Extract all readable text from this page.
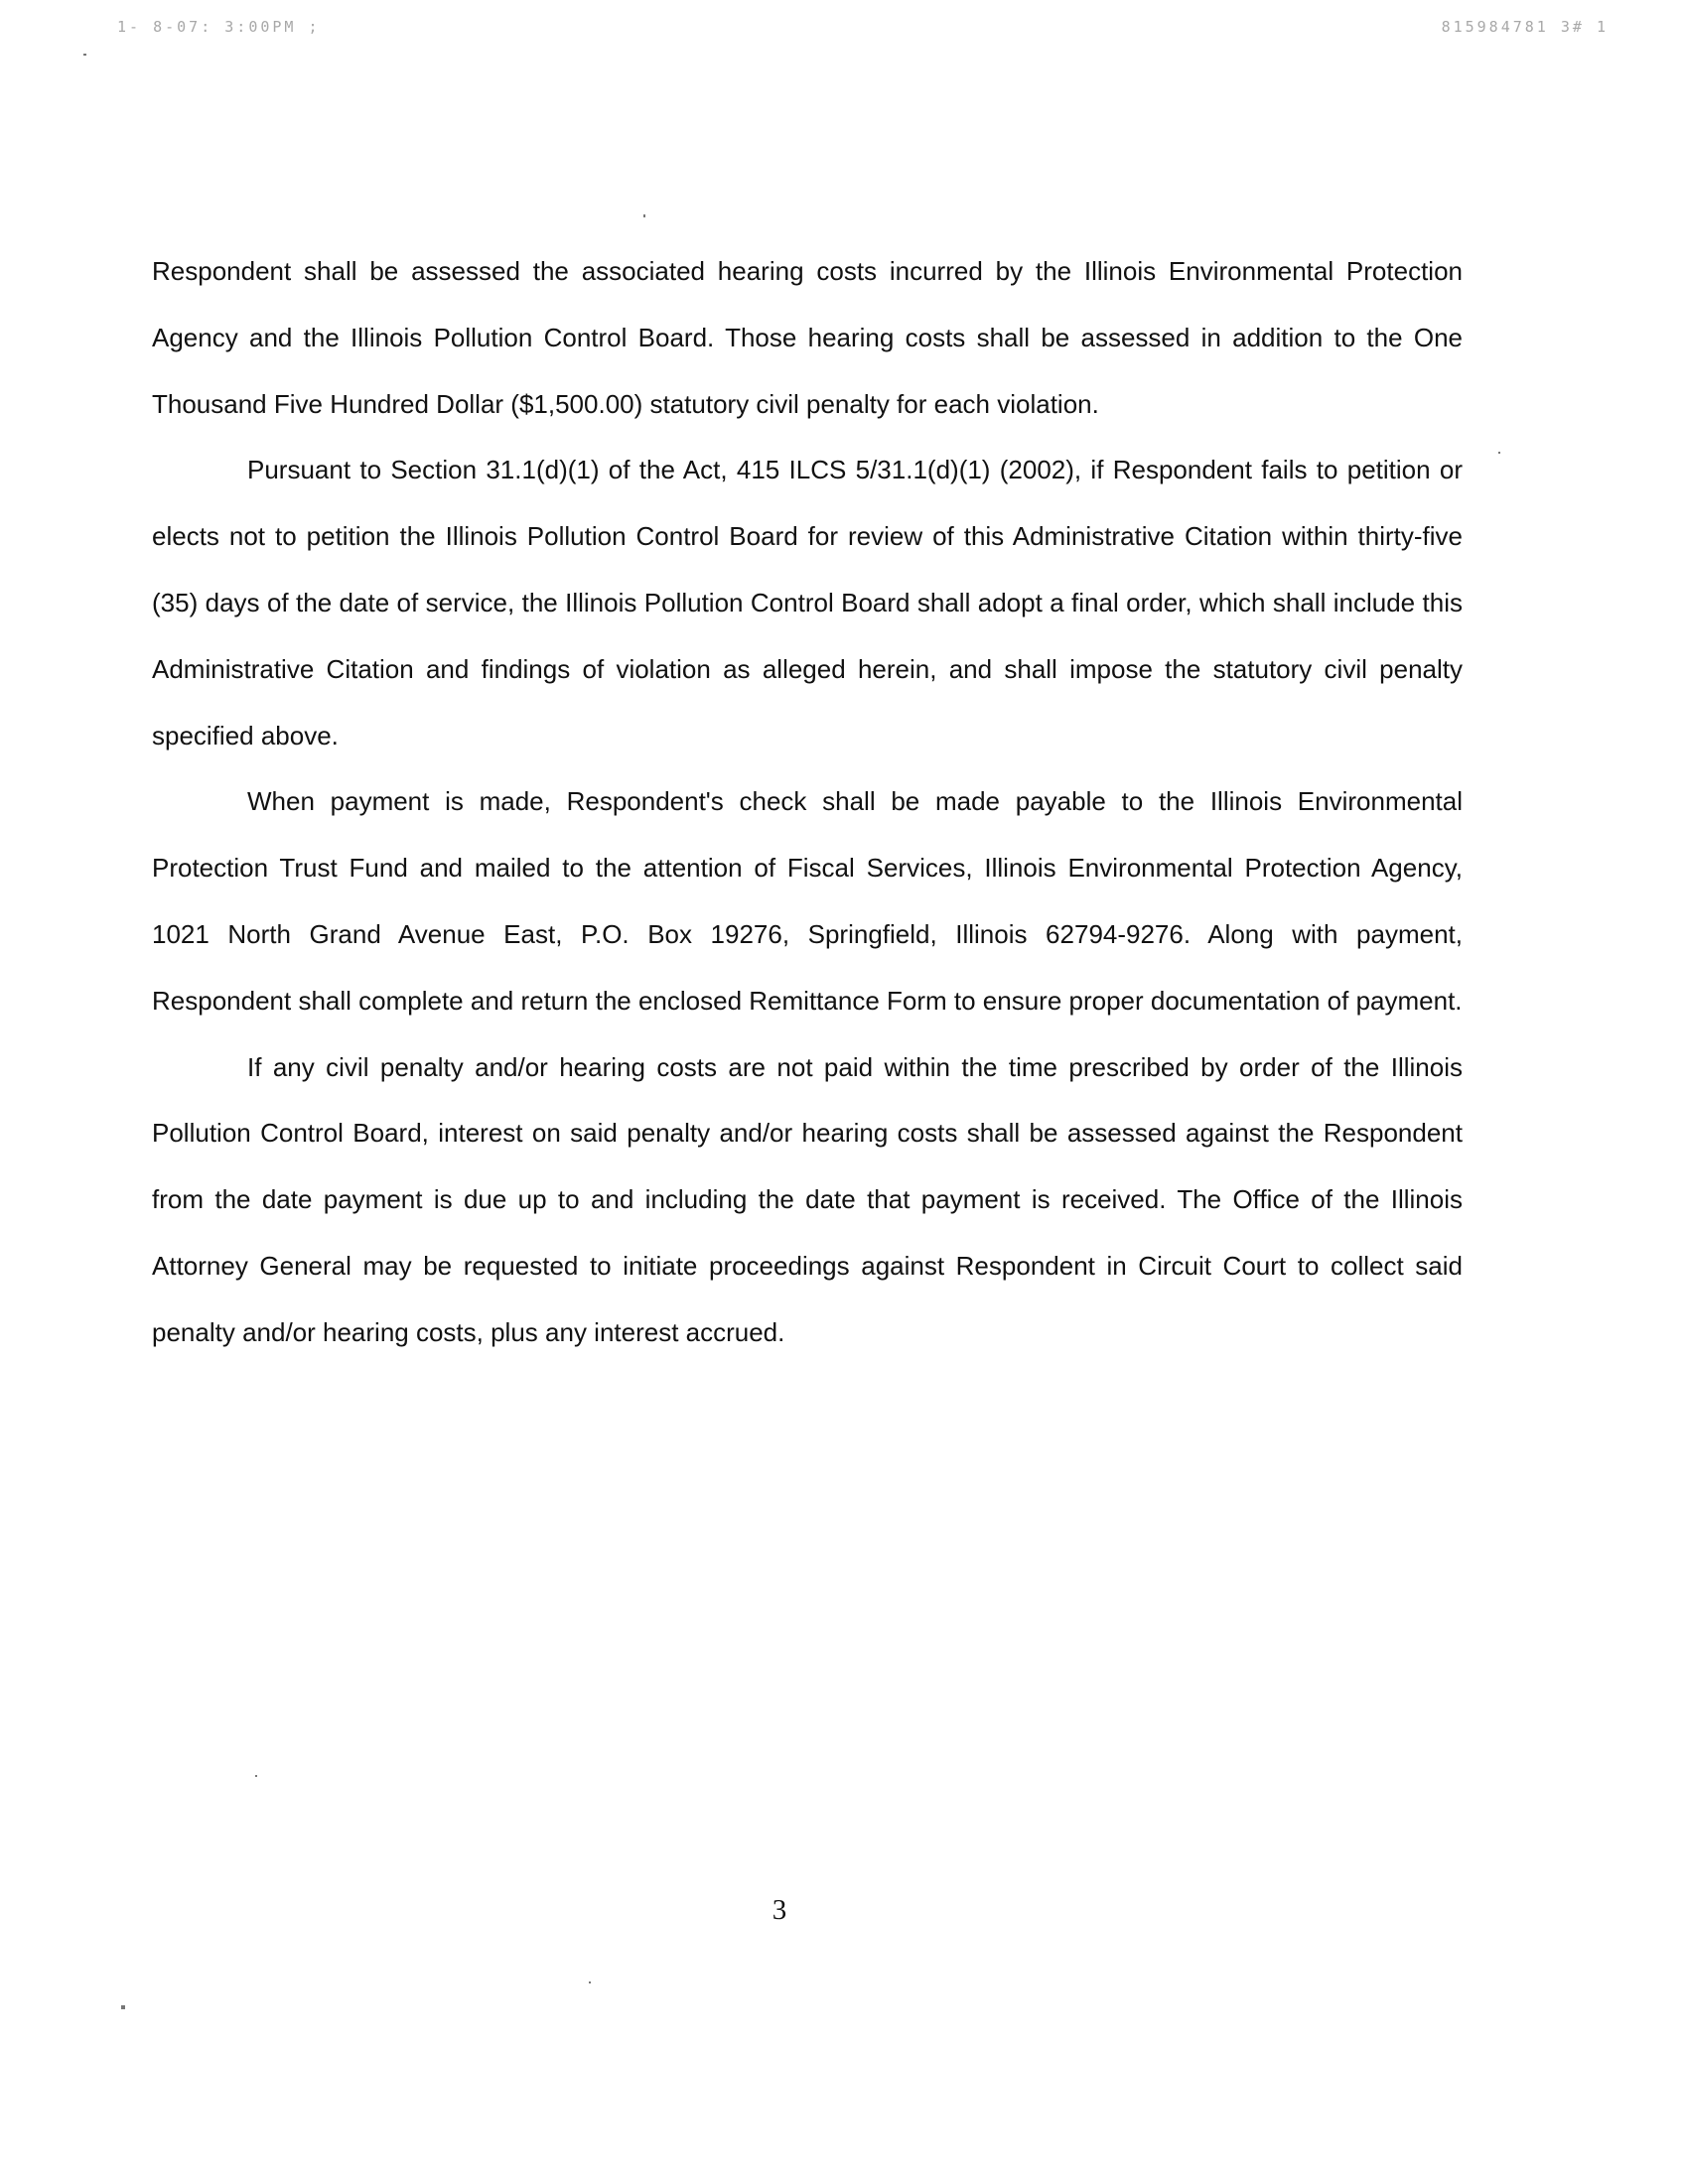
1- 8-07: 3:00PM ;	815984781 3# 1

Respondent shall be assessed the associated hearing costs incurred by the Illinois Environmental Protection Agency and the Illinois Pollution Control Board. Those hearing costs shall be assessed in addition to the One Thousand Five Hundred Dollar ($1,500.00) statutory civil penalty for each violation.

Pursuant to Section 31.1(d)(1) of the Act, 415 ILCS 5/31.1(d)(1) (2002), if Respondent fails to petition or elects not to petition the Illinois Pollution Control Board for review of this Administrative Citation within thirty-five (35) days of the date of service, the Illinois Pollution Control Board shall adopt a final order, which shall include this Administrative Citation and findings of violation as alleged herein, and shall impose the statutory civil penalty specified above.

When payment is made, Respondent's check shall be made payable to the Illinois Environmental Protection Trust Fund and mailed to the attention of Fiscal Services, Illinois Environmental Protection Agency, 1021 North Grand Avenue East, P.O. Box 19276, Springfield, Illinois 62794-9276. Along with payment, Respondent shall complete and return the enclosed Remittance Form to ensure proper documentation of payment.

If any civil penalty and/or hearing costs are not paid within the time prescribed by order of the Illinois Pollution Control Board, interest on said penalty and/or hearing costs shall be assessed against the Respondent from the date payment is due up to and including the date that payment is received. The Office of the Illinois Attorney General may be requested to initiate proceedings against Respondent in Circuit Court to collect said penalty and/or hearing costs, plus any interest accrued.

3
